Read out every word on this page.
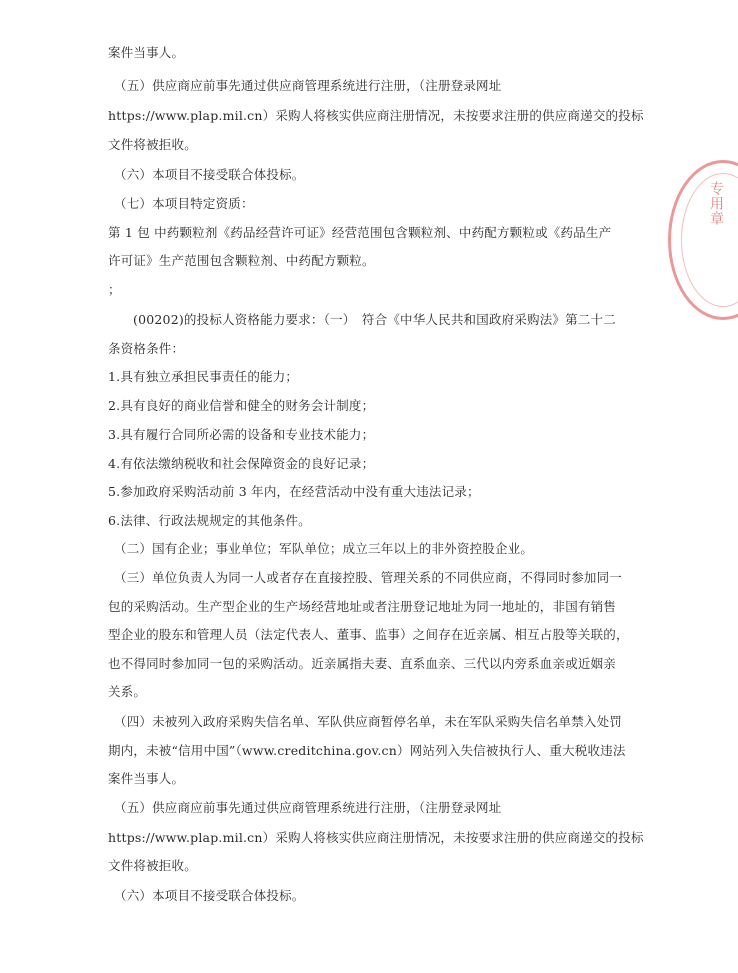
案件当事人。
（五）供应商应前事先通过供应商管理系统进行注册，（注册登录网址
https://www.plap.mil.cn）采购人将核实供应商注册情况，未按要求注册的供应商递交的投标
文件将被拒收。
（六）本项目不接受联合体投标。
（七）本项目特定资质：
第 1 包 中药颗粒剂《药品经营许可证》经营范围包含颗粒剂、中药配方颗粒或《药品生产
许可证》生产范围包含颗粒剂、中药配方颗粒。
；
(00202)的投标人资格能力要求：（一）　符合《中华人民共和国政府采购法》第二十二
条资格条件：
1.具有独立承担民事责任的能力；
2.具有良好的商业信誉和健全的财务会计制度；
3.具有履行合同所必需的设备和专业技术能力；
4.有依法缴纳税收和社会保障资金的良好记录；
5.参加政府采购活动前 3 年内，在经营活动中没有重大违法记录；
6.法律、行政法规规定的其他条件。
（二）国有企业；事业单位；军队单位；成立三年以上的非外资控股企业。
（三）单位负责人为同一人或者存在直接控股、管理关系的不同供应商，不得同时参加同一
包的采购活动。生产型企业的生产场经营地址或者注册登记地址为同一地址的，非国有销售
型企业的股东和管理人员（法定代表人、董事、监事）之间存在近亲属、相互占股等关联的，
也不得同时参加同一包的采购活动。近亲属指夫妻、直系血亲、三代以内旁系血亲或近姻亲
关系。
（四）未被列入政府采购失信名单、军队供应商暂停名单，未在军队采购失信名单禁入处罚
期内，未被“信用中国”（www.creditchina.gov.cn）网站列入失信被执行人、重大税收违法
案件当事人。
（五）供应商应前事先通过供应商管理系统进行注册，（注册登录网址
https://www.plap.mil.cn）采购人将核实供应商注册情况，未按要求注册的供应商递交的投标
文件将被拒收。
（六）本项目不接受联合体投标。
专用章
